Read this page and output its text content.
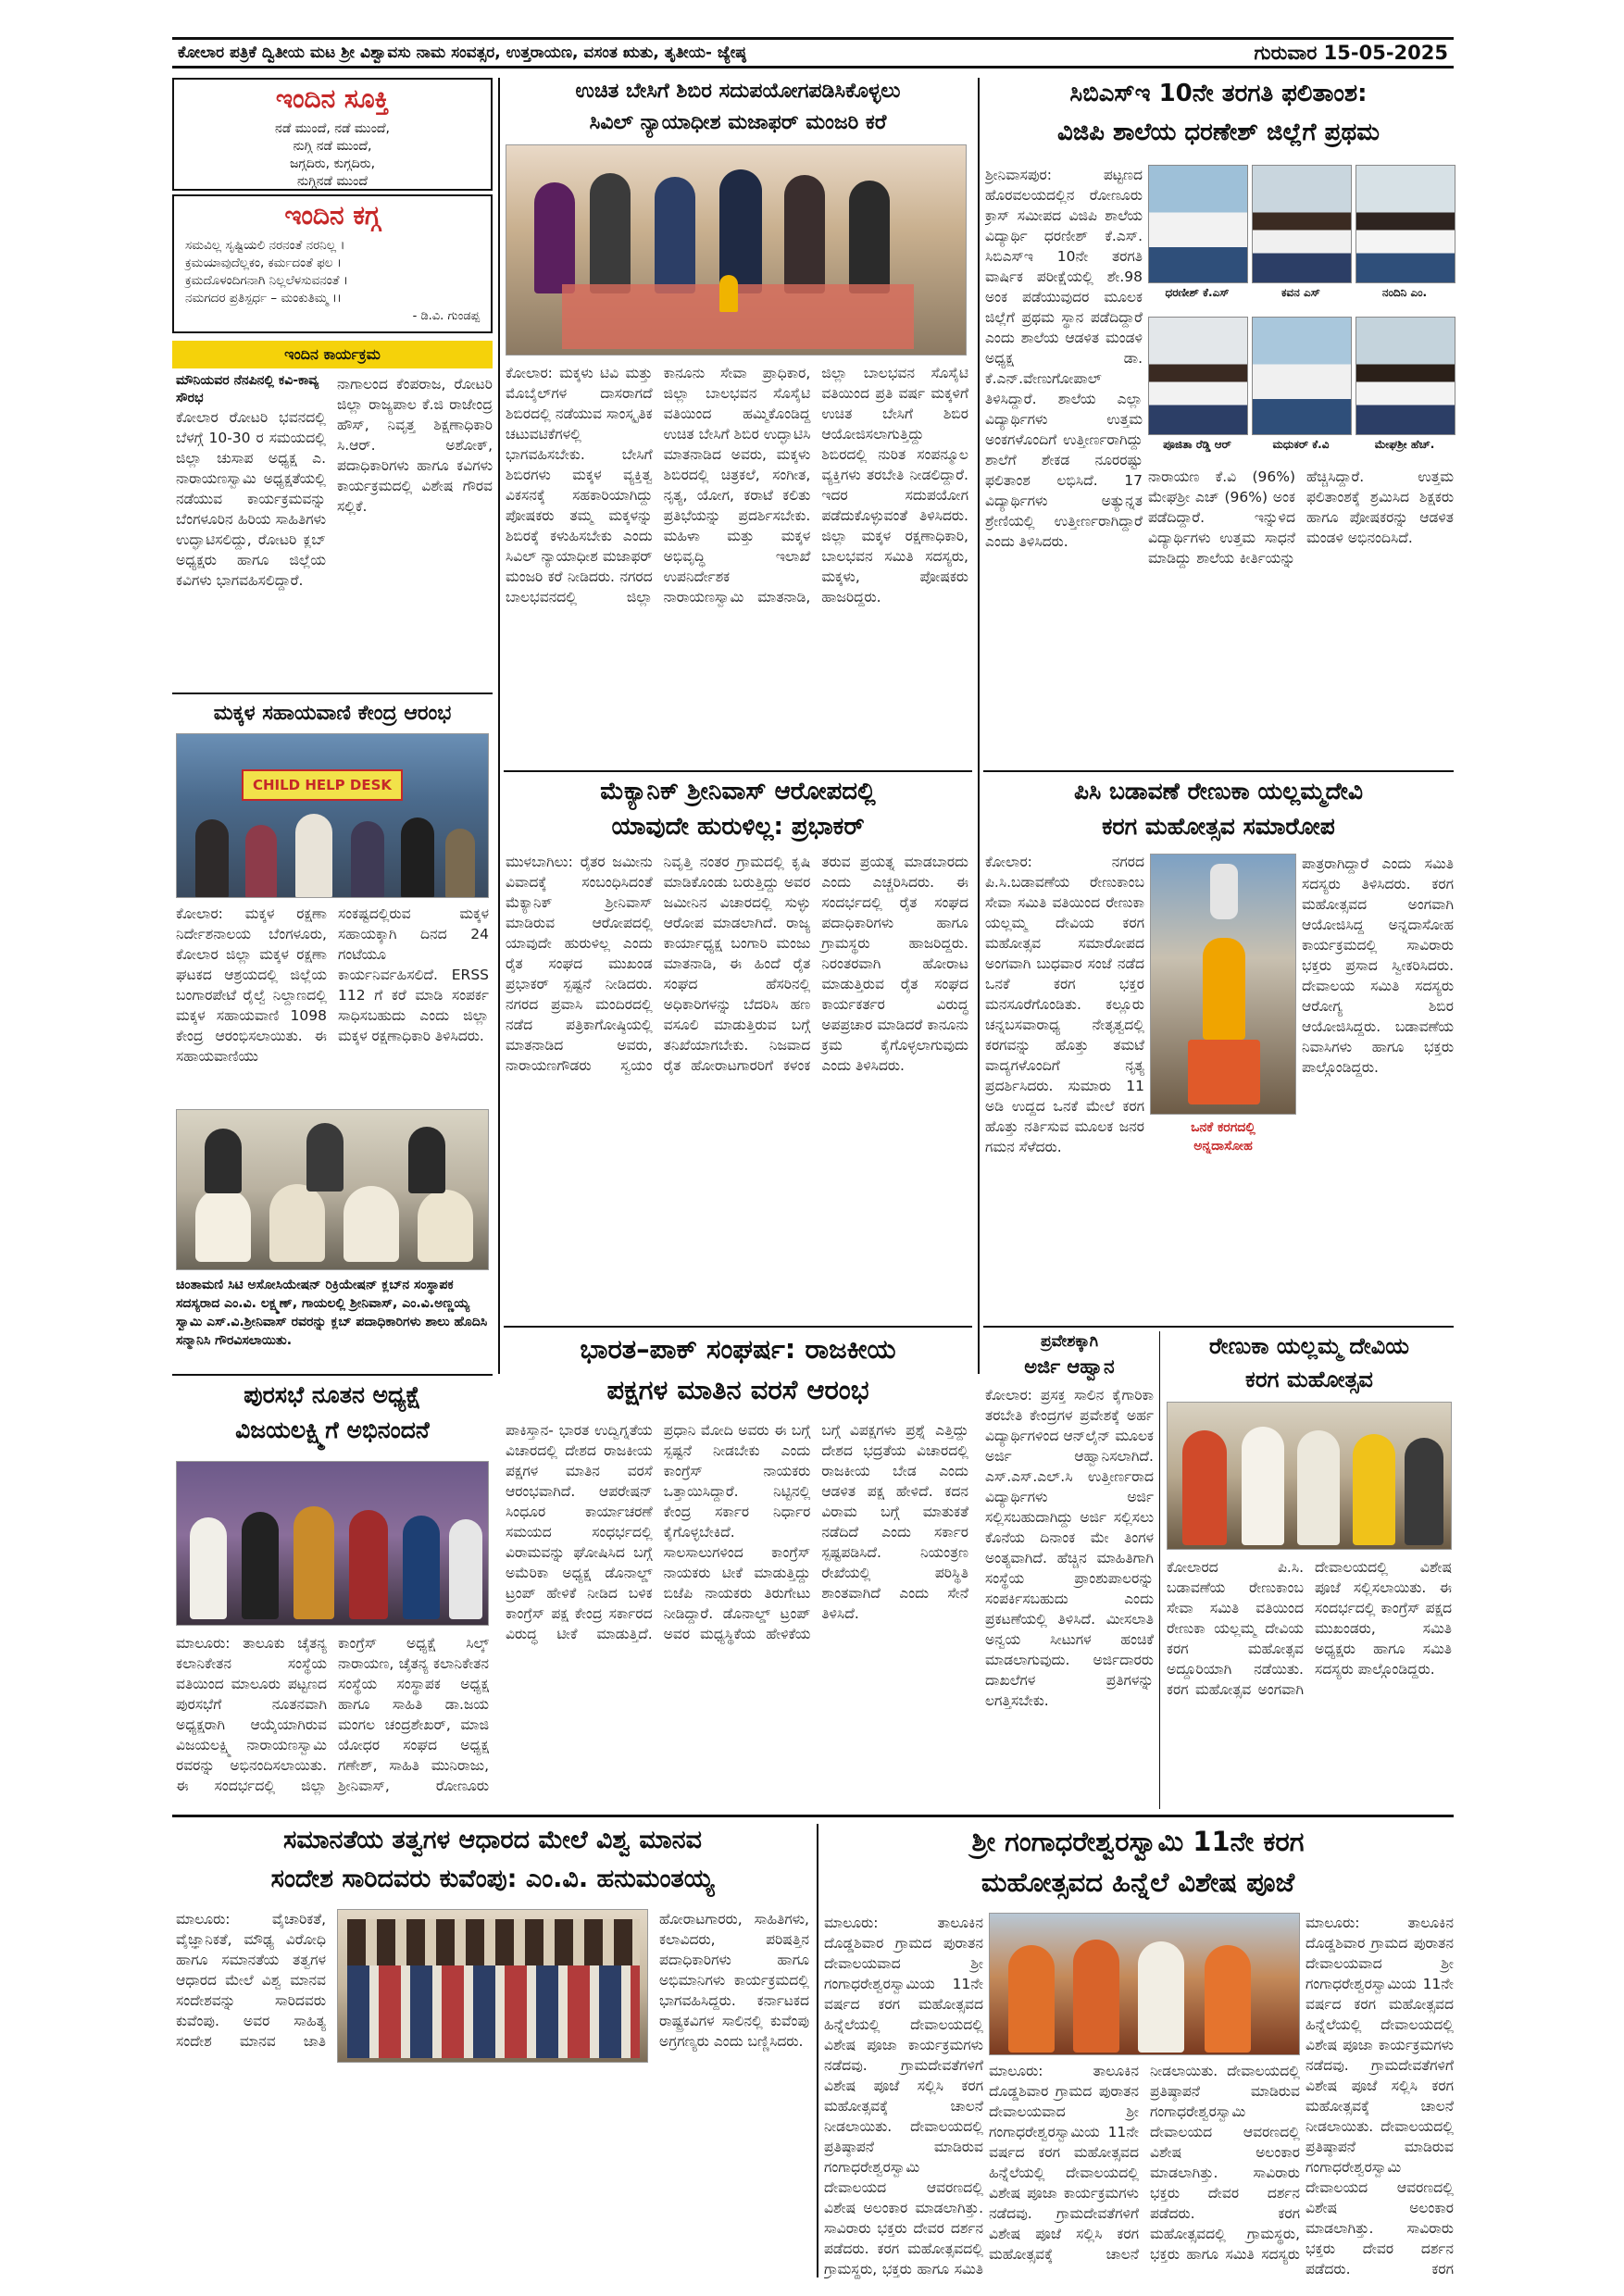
ಕೋಲಾರ ಪತ್ರಿಕೆ ದ್ವಿತೀಯ ಮಟ ಶ್ರೀ ವಿಶ್ವಾವಸು ನಾಮ ಸಂವತ್ಸರ, ಉತ್ತರಾಯಣ, ವಸಂತ ಋತು, ತೃತೀಯ- ಜ್ಯೇಷ್ಠ	ಗುರುವಾರ 15-05-2025
ಇಂದಿನ ಸೂಕ್ತಿ
ನಡೆ ಮುಂದೆ, ನಡೆ ಮುಂದೆ,
ನುಗ್ಗಿ ನಡೆ ಮುಂದೆ,
ಜಗ್ಗದಿರು, ಕುಗ್ಗದಿರು,
ನುಗ್ಗಿನಡೆ ಮುಂದೆ
ಇಂದಿನ ಕಗ್ಗ
ಸಮವಿಲ್ಲ ಸೃಷ್ಟಿಯಲಿ ನರನಂತೆ ನರನಿಲ್ಲ ।
ಕ್ರಮಯಾವುದೆಲ್ಲಕಂ, ಕರ್ಮದಂತೆ ಫಲ ।
ಕ್ರಮದೊಳಂದಿಗನಾಗಿ ನಿಲ್ಲಲೆಳಸುವನಂತೆ ।
ನಮಗದರ ಪ್ರತಿಸ್ಪರ್ಧ – ಮಂಕುತಿಮ್ಮ ।।
- ಡಿ.ವಿ. ಗುಂಡಪ್ಪ
ಇಂದಿನ ಕಾರ್ಯಕ್ರಮ
ಮೌನಿಯವರ ನೆನಪಿನಲ್ಲಿ ಕವಿ-ಕಾವ್ಯ ಸೌರಭ
ಕೋಲಾರ ರೋಟರಿ ಭವನದಲ್ಲಿ ಬೆಳಗ್ಗೆ 10-30 ರ ಸಮಯದಲ್ಲಿ ಜಿಲ್ಲಾ ಚುಸಾಪ ಅಧ್ಯಕ್ಷ ಎ. ನಾರಾಯಣಸ್ವಾಮಿ ಅಧ್ಯಕ್ಷತೆಯಲ್ಲಿ ನಡೆಯುವ ಕಾರ್ಯಕ್ರಮವನ್ನು ಬೆಂಗಳೂರಿನ ಹಿರಿಯ ಸಾಹಿತಿಗಳು ಉದ್ಘಾಟಿಸಲಿದ್ದು, ರೋಟರಿ ಕ್ಲಬ್ ಅಧ್ಯಕ್ಷರು ಹಾಗೂ ಜಿಲ್ಲೆಯ ಕವಿಗಳು ಭಾಗವಹಿಸಲಿದ್ದಾರೆ.
ನಾಗಾಲಂದ ಕೆಂಪರಾಜ, ರೋಟರಿ ಜಿಲ್ಲಾ ರಾಜ್ಯಪಾಲ ಕೆ.ಜಿ ರಾಜೇಂದ್ರ ಹೌಸ್, ನಿವೃತ್ತ ಶಿಕ್ಷಣಾಧಿಕಾರಿ ಸಿ.ಆರ್. ಅಶೋಕ್, ಪದಾಧಿಕಾರಿಗಳು ಹಾಗೂ ಕವಿಗಳು ಕಾರ್ಯಕ್ರಮದಲ್ಲಿ ವಿಶೇಷ ಗೌರವ ಸಲ್ಲಿಕೆ.
ಮಕ್ಕಳ ಸಹಾಯವಾಣಿ ಕೇಂದ್ರ ಆರಂಭ
CHILD HELP DESK
ಕೋಲಾರ: ಮಕ್ಕಳ ರಕ್ಷಣಾ ನಿರ್ದೇಶನಾಲಯ ಬೆಂಗಳೂರು, ಕೋಲಾರ ಜಿಲ್ಲಾ ಮಕ್ಕಳ ರಕ್ಷಣಾ ಘಟಕದ ಆಶ್ರಯದಲ್ಲಿ ಜಿಲ್ಲೆಯ ಬಂಗಾರಪೇಟೆ ರೈಲ್ವೆ ನಿಲ್ದಾಣದಲ್ಲಿ ಮಕ್ಕಳ ಸಹಾಯವಾಣಿ 1098 ಕೇಂದ್ರ ಆರಂಭಿಸಲಾಯಿತು. ಈ ಸಹಾಯವಾಣಿಯು ಸಂಕಷ್ಟದಲ್ಲಿರುವ ಮಕ್ಕಳ ಸಹಾಯಕ್ಕಾಗಿ ದಿನದ 24 ಗಂಟೆಯೂ ಕಾರ್ಯನಿರ್ವಹಿಸಲಿದೆ. ERSS 112 ಗೆ ಕರೆ ಮಾಡಿ ಸಂಪರ್ಕ ಸಾಧಿಸಬಹುದು ಎಂದು ಜಿಲ್ಲಾ ಮಕ್ಕಳ ರಕ್ಷಣಾಧಿಕಾರಿ ತಿಳಿಸಿದರು.
ಚಿಂತಾಮಣಿ ಸಿಟಿ ಅಸೋಸಿಯೇಷನ್ ರಿಕ್ರಿಯೇಷನ್ ಕ್ಲಬ್‌ನ ಸಂಸ್ಥಾಪಕ ಸದಸ್ಯರಾದ ಎಂ.ವಿ. ಲಕ್ಷ್ಮಣ್, ಗಾಯಲಲ್ಲಿ ಶ್ರೀನಿವಾಸ್, ಎಂ.ವಿ.ಅಣ್ಣಯ್ಯ ಸ್ವಾಮಿ ಎಸ್.ವಿ.ಶ್ರೀನಿವಾಸ್ ರವರನ್ನು ಕ್ಲಬ್ ಪದಾಧಿಕಾರಿಗಳು ಶಾಲು ಹೊದಿಸಿ ಸನ್ಮಾನಿಸಿ ಗೌರವಿಸಲಾಯಿತು.
ಉಚಿತ ಬೇಸಿಗೆ ಶಿಬಿರ ಸದುಪಯೋಗಪಡಿಸಿಕೊಳ್ಳಲು
ಸಿವಿಲ್ ನ್ಯಾಯಾಧೀಶ ಮಜಾಫರ್ ಮಂಜರಿ ಕರೆ
ಕೋಲಾರ: ಮಕ್ಕಳು ಟಿವಿ ಮತ್ತು ಮೊಬೈಲ್‌ಗಳ ದಾಸರಾಗದೆ ಶಿಬಿರದಲ್ಲಿ ನಡೆಯುವ ಸಾಂಸ್ಕೃತಿಕ ಚಟುವಟಿಕೆಗಳಲ್ಲಿ ಭಾಗವಹಿಸಬೇಕು. ಬೇಸಿಗೆ ಶಿಬಿರಗಳು ಮಕ್ಕಳ ವ್ಯಕ್ತಿತ್ವ ವಿಕಸನಕ್ಕೆ ಸಹಕಾರಿಯಾಗಿದ್ದು ಪೋಷಕರು ತಮ್ಮ ಮಕ್ಕಳನ್ನು ಶಿಬಿರಕ್ಕೆ ಕಳುಹಿಸಬೇಕು ಎಂದು ಸಿವಿಲ್ ನ್ಯಾಯಾಧೀಶ ಮಜಾಫರ್ ಮಂಜರಿ ಕರೆ ನೀಡಿದರು. ನಗರದ ಬಾಲಭವನದಲ್ಲಿ ಜಿಲ್ಲಾ ಕಾನೂನು ಸೇವಾ ಪ್ರಾಧಿಕಾರ, ಜಿಲ್ಲಾ ಬಾಲಭವನ ಸೊಸೈಟಿ ವತಿಯಿಂದ ಹಮ್ಮಿಕೊಂಡಿದ್ದ ಉಚಿತ ಬೇಸಿಗೆ ಶಿಬಿರ ಉದ್ಘಾಟಿಸಿ ಮಾತನಾಡಿದ ಅವರು, ಮಕ್ಕಳು ಶಿಬಿರದಲ್ಲಿ ಚಿತ್ರಕಲೆ, ಸಂಗೀತ, ನೃತ್ಯ, ಯೋಗ, ಕರಾಟೆ ಕಲಿತು ಪ್ರತಿಭೆಯನ್ನು ಪ್ರದರ್ಶಿಸಬೇಕು. ಮಹಿಳಾ ಮತ್ತು ಮಕ್ಕಳ ಅಭಿವೃದ್ಧಿ ಇಲಾಖೆ ಉಪನಿರ್ದೇಶಕ ನಾರಾಯಣಸ್ವಾಮಿ ಮಾತನಾಡಿ, ಜಿಲ್ಲಾ ಬಾಲಭವನ ಸೊಸೈಟಿ ವತಿಯಿಂದ ಪ್ರತಿ ವರ್ಷ ಮಕ್ಕಳಿಗೆ ಉಚಿತ ಬೇಸಿಗೆ ಶಿಬಿರ ಆಯೋಜಿಸಲಾಗುತ್ತಿದ್ದು ಶಿಬಿರದಲ್ಲಿ ನುರಿತ ಸಂಪನ್ಮೂಲ ವ್ಯಕ್ತಿಗಳು ತರಬೇತಿ ನೀಡಲಿದ್ದಾರೆ. ಇದರ ಸದುಪಯೋಗ ಪಡೆದುಕೊಳ್ಳುವಂತೆ ತಿಳಿಸಿದರು. ಜಿಲ್ಲಾ ಮಕ್ಕಳ ರಕ್ಷಣಾಧಿಕಾರಿ, ಬಾಲಭವನ ಸಮಿತಿ ಸದಸ್ಯರು, ಮಕ್ಕಳು, ಪೋಷಕರು ಹಾಜರಿದ್ದರು.
ಸಿಬಿಎಸ್‌ಇ 10ನೇ ತರಗತಿ ಫಲಿತಾಂಶ:
ವಿಜಿಪಿ ಶಾಲೆಯ ಧರಣೇಶ್ ಜಿಲ್ಲೆಗೆ ಪ್ರಥಮ
ಶ್ರೀನಿವಾಸಪುರ: ಪಟ್ಟಣದ ಹೊರವಲಯದಲ್ಲಿನ ರೋಣೂರು ಕ್ರಾಸ್ ಸಮೀಪದ ವಿಜಿಪಿ ಶಾಲೆಯ ವಿದ್ಯಾರ್ಥಿ ಧರಣೀಶ್ ಕೆ.ಎಸ್. ಸಿಬಿಎಸ್‌ಇ 10ನೇ ತರಗತಿ ವಾರ್ಷಿಕ ಪರೀಕ್ಷೆಯಲ್ಲಿ ಶೇ.98 ಅಂಕ ಪಡೆಯುವುದರ ಮೂಲಕ ಜಿಲ್ಲೆಗೆ ಪ್ರಥಮ ಸ್ಥಾನ ಪಡೆದಿದ್ದಾರೆ ಎಂದು ಶಾಲೆಯ ಆಡಳಿತ ಮಂಡಳಿ ಅಧ್ಯಕ್ಷ ಡಾ. ಕೆ.ಎನ್.ವೇಣುಗೋಪಾಲ್ ತಿಳಿಸಿದ್ದಾರೆ. ಶಾಲೆಯ ಎಲ್ಲಾ ವಿದ್ಯಾರ್ಥಿಗಳು ಉತ್ತಮ ಅಂಕಗಳೊಂದಿಗೆ ಉತ್ತೀರ್ಣರಾಗಿದ್ದು ಶಾಲೆಗೆ ಶೇಕಡ ನೂರರಷ್ಟು ಫಲಿತಾಂಶ ಲಭಿಸಿದೆ. 17 ವಿದ್ಯಾರ್ಥಿಗಳು ಅತ್ಯುನ್ನತ ಶ್ರೇಣಿಯಲ್ಲಿ ಉತ್ತೀರ್ಣರಾಗಿದ್ದಾರೆ ಎಂದು ತಿಳಿಸಿದರು.
ಧರಣೀಶ್ ಕೆ.ಎಸ್	ಕವನ ಎಸ್	ನಂದಿನಿ ಎಂ.
ಪೂಜಿತಾ ರೆಡ್ಡಿ ಆರ್	ಮಧುಕರ್ ಕೆ.ವಿ	ಮೇಘಶ್ರೀ ಹೆಚ್.
ನಾರಾಯಣ ಕೆ.ವಿ (96%) ಮೇಘಶ್ರೀ ಎಚ್ (96%) ಅಂಕ ಪಡೆದಿದ್ದಾರೆ. ಇನ್ನುಳಿದ ವಿದ್ಯಾರ್ಥಿಗಳು ಉತ್ತಮ ಸಾಧನೆ ಮಾಡಿದ್ದು ಶಾಲೆಯ ಕೀರ್ತಿಯನ್ನು ಹೆಚ್ಚಿಸಿದ್ದಾರೆ. ಉತ್ತಮ ಫಲಿತಾಂಶಕ್ಕೆ ಶ್ರಮಿಸಿದ ಶಿಕ್ಷಕರು ಹಾಗೂ ಪೋಷಕರನ್ನು ಆಡಳಿತ ಮಂಡಳಿ ಅಭಿನಂದಿಸಿದೆ.
ಮೆಕ್ಯಾನಿಕ್ ಶ್ರೀನಿವಾಸ್ ಆರೋಪದಲ್ಲಿ
ಯಾವುದೇ ಹುರುಳಿಲ್ಲ: ಪ್ರಭಾಕರ್
ಮುಳಬಾಗಿಲು: ರೈತರ ಜಮೀನು ವಿವಾದಕ್ಕೆ ಸಂಬಂಧಿಸಿದಂತೆ ಮೆಕ್ಯಾನಿಕ್ ಶ್ರೀನಿವಾಸ್ ಮಾಡಿರುವ ಆರೋಪದಲ್ಲಿ ಯಾವುದೇ ಹುರುಳಿಲ್ಲ ಎಂದು ರೈತ ಸಂಘದ ಮುಖಂಡ ಪ್ರಭಾಕರ್ ಸ್ಪಷ್ಟನೆ ನೀಡಿದರು. ನಗರದ ಪ್ರವಾಸಿ ಮಂದಿರದಲ್ಲಿ ನಡೆದ ಪತ್ರಿಕಾಗೋಷ್ಠಿಯಲ್ಲಿ ಮಾತನಾಡಿದ ಅವರು, ನಾರಾಯಣಗೌಡರು ಸ್ವಯಂ ನಿವೃತ್ತಿ ನಂತರ ಗ್ರಾಮದಲ್ಲಿ ಕೃಷಿ ಮಾಡಿಕೊಂಡು ಬರುತ್ತಿದ್ದು ಅವರ ಜಮೀನಿನ ವಿಚಾರದಲ್ಲಿ ಸುಳ್ಳು ಆರೋಪ ಮಾಡಲಾಗಿದೆ. ರಾಜ್ಯ ಕಾರ್ಯಾಧ್ಯಕ್ಷ ಬಂಗಾರಿ ಮಂಜು ಮಾತನಾಡಿ, ಈ ಹಿಂದೆ ರೈತ ಸಂಘದ ಹೆಸರಿನಲ್ಲಿ ಅಧಿಕಾರಿಗಳನ್ನು ಬೆದರಿಸಿ ಹಣ ವಸೂಲಿ ಮಾಡುತ್ತಿರುವ ಬಗ್ಗೆ ತನಿಖೆಯಾಗಬೇಕು. ನಿಜವಾದ ರೈತ ಹೋರಾಟಗಾರರಿಗೆ ಕಳಂಕ ತರುವ ಪ್ರಯತ್ನ ಮಾಡಬಾರದು ಎಂದು ಎಚ್ಚರಿಸಿದರು. ಈ ಸಂದರ್ಭದಲ್ಲಿ ರೈತ ಸಂಘದ ಪದಾಧಿಕಾರಿಗಳು ಹಾಗೂ ಗ್ರಾಮಸ್ಥರು ಹಾಜರಿದ್ದರು. ನಿರಂತರವಾಗಿ ಹೋರಾಟ ಮಾಡುತ್ತಿರುವ ರೈತ ಸಂಘದ ಕಾರ್ಯಕರ್ತರ ವಿರುದ್ಧ ಅಪಪ್ರಚಾರ ಮಾಡಿದರೆ ಕಾನೂನು ಕ್ರಮ ಕೈಗೊಳ್ಳಲಾಗುವುದು ಎಂದು ತಿಳಿಸಿದರು.
ಪಿಸಿ ಬಡಾವಣೆ ರೇಣುಕಾ ಯಲ್ಲಮ್ಮದೇವಿ
ಕರಗ ಮಹೋತ್ಸವ ಸಮಾರೋಪ
ಕೋಲಾರ: ನಗರದ ಪಿ.ಸಿ.ಬಡಾವಣೆಯ ರೇಣುಕಾಂಬ ಸೇವಾ ಸಮಿತಿ ವತಿಯಿಂದ ರೇಣುಕಾ ಯಲ್ಲಮ್ಮ ದೇವಿಯ ಕರಗ ಮಹೋತ್ಸವ ಸಮಾರೋಪದ ಅಂಗವಾಗಿ ಬುಧವಾರ ಸಂಜೆ ನಡೆದ ಒನಕೆ ಕರಗ ಭಕ್ತರ ಮನಸೂರೆಗೊಂಡಿತು. ಕಲ್ಲೂರು ಚನ್ನಬಸವಾರಾಧ್ಯ ನೇತೃತ್ವದಲ್ಲಿ ಕರಗವನ್ನು ಹೊತ್ತು ತಮಟೆ ವಾದ್ಯಗಳೊಂದಿಗೆ ನೃತ್ಯ ಪ್ರದರ್ಶಿಸಿದರು. ಸುಮಾರು 11 ಅಡಿ ಉದ್ದದ ಒನಕೆ ಮೇಲೆ ಕರಗ ಹೊತ್ತು ನರ್ತಿಸುವ ಮೂಲಕ ಜನರ ಗಮನ ಸೆಳೆದರು.
ಒನಕೆ ಕರಗದಲ್ಲಿ
ಅನ್ನದಾಸೋಹ
ಪಾತ್ರರಾಗಿದ್ದಾರೆ ಎಂದು ಸಮಿತಿ ಸದಸ್ಯರು ತಿಳಿಸಿದರು. ಕರಗ ಮಹೋತ್ಸವದ ಅಂಗವಾಗಿ ಆಯೋಜಿಸಿದ್ದ ಅನ್ನದಾಸೋಹ ಕಾರ್ಯಕ್ರಮದಲ್ಲಿ ಸಾವಿರಾರು ಭಕ್ತರು ಪ್ರಸಾದ ಸ್ವೀಕರಿಸಿದರು. ದೇವಾಲಯ ಸಮಿತಿ ಸದಸ್ಯರು ಆರೋಗ್ಯ ಶಿಬಿರ ಆಯೋಜಿಸಿದ್ದರು. ಬಡಾವಣೆಯ ನಿವಾಸಿಗಳು ಹಾಗೂ ಭಕ್ತರು ಪಾಲ್ಗೊಂಡಿದ್ದರು.
ಪುರಸಭೆ ನೂತನ ಅಧ್ಯಕ್ಷೆ
ವಿಜಯಲಕ್ಷ್ಮಿಗೆ ಅಭಿನಂದನೆ
ಮಾಲೂರು: ತಾಲೂಕು ಚೈತನ್ಯ ಕಲಾನಿಕೇತನ ಸಂಸ್ಥೆಯ ವತಿಯಿಂದ ಮಾಲೂರು ಪಟ್ಟಣದ ಪುರಸಭೆಗೆ ನೂತನವಾಗಿ ಅಧ್ಯಕ್ಷರಾಗಿ ಆಯ್ಕೆಯಾಗಿರುವ ವಿಜಯಲಕ್ಷ್ಮಿ ನಾರಾಯಣಸ್ವಾಮಿ ರವರನ್ನು ಅಭಿನಂದಿಸಲಾಯಿತು. ಈ ಸಂದರ್ಭದಲ್ಲಿ ಜಿಲ್ಲಾ ಕಾಂಗ್ರೆಸ್ ಅಧ್ಯಕ್ಷೆ ಸಿಲ್ಕ್ ನಾರಾಯಣ, ಚೈತನ್ಯ ಕಲಾನಿಕೇತನ ಸಂಸ್ಥೆಯ ಸಂಸ್ಥಾಪಕ ಅಧ್ಯಕ್ಷ ಹಾಗೂ ಸಾಹಿತಿ ಡಾ.ಜಯ ಮಂಗಲ ಚಂದ್ರಶೇಖರ್, ಮಾಜಿ ಯೋಧರ ಸಂಘದ ಅಧ್ಯಕ್ಷ ಗಣೇಶ್, ಸಾಹಿತಿ ಮುನಿರಾಜು, ಶ್ರೀನಿವಾಸ್, ರೋಣೂರು
ಭಾರತ–ಪಾಕ್ ಸಂಘರ್ಷ: ರಾಜಕೀಯ
ಪಕ್ಷಗಳ ಮಾತಿನ ವರಸೆ ಆರಂಭ
ಪಾಕಿಸ್ತಾನ- ಭಾರತ ಉದ್ವಿಗ್ನತೆಯ ವಿಚಾರದಲ್ಲಿ ದೇಶದ ರಾಜಕೀಯ ಪಕ್ಷಗಳ ಮಾತಿನ ವರಸೆ ಆರಂಭವಾಗಿದೆ. ಆಪರೇಷನ್ ಸಿಂಧೂರ ಕಾರ್ಯಾಚರಣೆ ಸಮಯದ ಸಂಧರ್ಭದಲ್ಲಿ ವಿರಾಮವನ್ನು ಘೋಷಿಸಿದ ಬಗ್ಗೆ ಅಮೆರಿಕಾ ಅಧ್ಯಕ್ಷ ಡೊನಾಲ್ಡ್ ಟ್ರಂಪ್ ಹೇಳಿಕೆ ನೀಡಿದ ಬಳಿಕ ಕಾಂಗ್ರೆಸ್ ಪಕ್ಷ ಕೇಂದ್ರ ಸರ್ಕಾರದ ವಿರುದ್ಧ ಟೀಕೆ ಮಾಡುತ್ತಿದೆ. ಪ್ರಧಾನಿ ಮೋದಿ ಅವರು ಈ ಬಗ್ಗೆ ಸ್ಪಷ್ಟನೆ ನೀಡಬೇಕು ಎಂದು ಕಾಂಗ್ರೆಸ್ ನಾಯಕರು ಒತ್ತಾಯಿಸಿದ್ದಾರೆ. ನಿಟ್ಟಿನಲ್ಲಿ ಕೇಂದ್ರ ಸರ್ಕಾರ ನಿರ್ಧಾರ ಕೈಗೊಳ್ಳಬೇಕಿದೆ. ಸಾಲಸಾಲುಗಳಿಂದ ಕಾಂಗ್ರೆಸ್ ನಾಯಕರು ಟೀಕೆ ಮಾಡುತ್ತಿದ್ದು ಬಿಜೆಪಿ ನಾಯಕರು ತಿರುಗೇಟು ನೀಡಿದ್ದಾರೆ. ಡೊನಾಲ್ಡ್ ಟ್ರಂಪ್ ಅವರ ಮಧ್ಯಸ್ಥಿಕೆಯ ಹೇಳಿಕೆಯ ಬಗ್ಗೆ ವಿಪಕ್ಷಗಳು ಪ್ರಶ್ನೆ ಎತ್ತಿದ್ದು ದೇಶದ ಭದ್ರತೆಯ ವಿಚಾರದಲ್ಲಿ ರಾಜಕೀಯ ಬೇಡ ಎಂದು ಆಡಳಿತ ಪಕ್ಷ ಹೇಳಿದೆ. ಕದನ ವಿರಾಮ ಬಗ್ಗೆ ಮಾತುಕತೆ ನಡೆದಿದೆ ಎಂದು ಸರ್ಕಾರ ಸ್ಪಷ್ಟಪಡಿಸಿದೆ. ನಿಯಂತ್ರಣ ರೇಖೆಯಲ್ಲಿ ಪರಿಸ್ಥಿತಿ ಶಾಂತವಾಗಿದೆ ಎಂದು ಸೇನೆ ತಿಳಿಸಿದೆ.
ಪ್ರವೇಶಕ್ಕಾಗಿ
ಅರ್ಜಿ ಆಹ್ವಾನ
ಕೋಲಾರ: ಪ್ರಸಕ್ತ ಸಾಲಿನ ಕೈಗಾರಿಕಾ ತರಬೇತಿ ಕೇಂದ್ರಗಳ ಪ್ರವೇಶಕ್ಕೆ ಅರ್ಹ ವಿದ್ಯಾರ್ಥಿಗಳಿಂದ ಆನ್‌ಲೈನ್ ಮೂಲಕ ಅರ್ಜಿ ಆಹ್ವಾನಿಸಲಾಗಿದೆ. ಎಸ್.ಎಸ್.ಎಲ್.ಸಿ ಉತ್ತೀರ್ಣರಾದ ವಿದ್ಯಾರ್ಥಿಗಳು ಅರ್ಜಿ ಸಲ್ಲಿಸಬಹುದಾಗಿದ್ದು ಅರ್ಜಿ ಸಲ್ಲಿಸಲು ಕೊನೆಯ ದಿನಾಂಕ ಮೇ ತಿಂಗಳ ಅಂತ್ಯವಾಗಿದೆ. ಹೆಚ್ಚಿನ ಮಾಹಿತಿಗಾಗಿ ಸಂಸ್ಥೆಯ ಪ್ರಾಂಶುಪಾಲರನ್ನು ಸಂಪರ್ಕಿಸಬಹುದು ಎಂದು ಪ್ರಕಟಣೆಯಲ್ಲಿ ತಿಳಿಸಿದೆ. ಮೀಸಲಾತಿ ಅನ್ವಯ ಸೀಟುಗಳ ಹಂಚಿಕೆ ಮಾಡಲಾಗುವುದು. ಅರ್ಜಿದಾರರು ದಾಖಲೆಗಳ ಪ್ರತಿಗಳನ್ನು ಲಗತ್ತಿಸಬೇಕು.
ರೇಣುಕಾ ಯಲ್ಲಮ್ಮ ದೇವಿಯ
ಕರಗ ಮಹೋತ್ಸವ
ಕೋಲಾರದ ಪಿ.ಸಿ. ಬಡಾವಣೆಯ ರೇಣುಕಾಂಬ ಸೇವಾ ಸಮಿತಿ ವತಿಯಿಂದ ರೇಣುಕಾ ಯಲ್ಲಮ್ಮ ದೇವಿಯ ಕರಗ ಮಹೋತ್ಸವ ಅದ್ದೂರಿಯಾಗಿ ನಡೆಯಿತು. ಕರಗ ಮಹೋತ್ಸವ ಅಂಗವಾಗಿ ದೇವಾಲಯದಲ್ಲಿ ವಿಶೇಷ ಪೂಜೆ ಸಲ್ಲಿಸಲಾಯಿತು. ಈ ಸಂದರ್ಭದಲ್ಲಿ ಕಾಂಗ್ರೆಸ್ ಪಕ್ಷದ ಮುಖಂಡರು, ಸಮಿತಿ ಅಧ್ಯಕ್ಷರು ಹಾಗೂ ಸಮಿತಿ ಸದಸ್ಯರು ಪಾಲ್ಗೊಂಡಿದ್ದರು.
ಸಮಾನತೆಯ ತತ್ವಗಳ ಆಧಾರದ ಮೇಲೆ ವಿಶ್ವ ಮಾನವ
ಸಂದೇಶ ಸಾರಿದವರು ಕುವೆಂಪು: ಎಂ.ವಿ. ಹನುಮಂತಯ್ಯ
ಮಾಲೂರು: ವೈಚಾರಿಕತೆ, ವೈಜ್ಞಾನಿಕತೆ, ಮೌಢ್ಯ ವಿರೋಧಿ ಹಾಗೂ ಸಮಾನತೆಯ ತತ್ವಗಳ ಆಧಾರದ ಮೇಲೆ ವಿಶ್ವ ಮಾನವ ಸಂದೇಶವನ್ನು ಸಾರಿದವರು ಕುವೆಂಪು. ಅವರ ಸಾಹಿತ್ಯ ಸಂದೇಶ ಮಾನವ ಜಾತಿ ಹೋರಾಟಗಾರರು, ಸಾಹಿತಿಗಳು, ಕಲಾವಿದರು, ಪರಿಷತ್ತಿನ ಪದಾಧಿಕಾರಿಗಳು ಹಾಗೂ ಅಭಿಮಾನಿಗಳು ಕಾರ್ಯಕ್ರಮದಲ್ಲಿ ಭಾಗವಹಿಸಿದ್ದರು. ಕರ್ನಾಟಕದ ರಾಷ್ಟ್ರಕವಿಗಳ ಸಾಲಿನಲ್ಲಿ ಕುವೆಂಪು ಅಗ್ರಗಣ್ಯರು ಎಂದು ಬಣ್ಣಿಸಿದರು.
ಶ್ರೀ ಗಂಗಾಧರೇಶ್ವರಸ್ವಾಮಿ 11ನೇ ಕರಗ
ಮಹೋತ್ಸವದ ಹಿನ್ನೆಲೆ ವಿಶೇಷ ಪೂಜೆ
ಮಾಲೂರು: ತಾಲೂಕಿನ ದೊಡ್ಡಶಿವಾರ ಗ್ರಾಮದ ಪುರಾತನ ದೇವಾಲಯವಾದ ಶ್ರೀ ಗಂಗಾಧರೇಶ್ವರಸ್ವಾಮಿಯ 11ನೇ ವರ್ಷದ ಕರಗ ಮಹೋತ್ಸವದ ಹಿನ್ನೆಲೆಯಲ್ಲಿ ದೇವಾಲಯದಲ್ಲಿ ವಿಶೇಷ ಪೂಜಾ ಕಾರ್ಯಕ್ರಮಗಳು ನಡೆದವು. ಗ್ರಾಮದೇವತೆಗಳಿಗೆ ವಿಶೇಷ ಪೂಜೆ ಸಲ್ಲಿಸಿ ಕರಗ ಮಹೋತ್ಸವಕ್ಕೆ ಚಾಲನೆ ನೀಡಲಾಯಿತು. ದೇವಾಲಯದಲ್ಲಿ ಪ್ರತಿಷ್ಠಾಪನೆ ಮಾಡಿರುವ ಗಂಗಾಧರೇಶ್ವರಸ್ವಾಮಿ ದೇವಾಲಯದ ಆವರಣದಲ್ಲಿ ವಿಶೇಷ ಅಲಂಕಾರ ಮಾಡಲಾಗಿತ್ತು. ಸಾವಿರಾರು ಭಕ್ತರು ದೇವರ ದರ್ಶನ ಪಡೆದರು. ಕರಗ ಮಹೋತ್ಸವದಲ್ಲಿ ಗ್ರಾಮಸ್ಥರು, ಭಕ್ತರು ಹಾಗೂ ಸಮಿತಿ
ಮಾಲೂರು: ತಾಲೂಕಿನ ದೊಡ್ಡಶಿವಾರ ಗ್ರಾಮದ ಪುರಾತನ ದೇವಾಲಯವಾದ ಶ್ರೀ ಗಂಗಾಧರೇಶ್ವರಸ್ವಾಮಿಯ 11ನೇ ವರ್ಷದ ಕರಗ ಮಹೋತ್ಸವದ ಹಿನ್ನೆಲೆಯಲ್ಲಿ ದೇವಾಲಯದಲ್ಲಿ ವಿಶೇಷ ಪೂಜಾ ಕಾರ್ಯಕ್ರಮಗಳು ನಡೆದವು. ಗ್ರಾಮದೇವತೆಗಳಿಗೆ ವಿಶೇಷ ಪೂಜೆ ಸಲ್ಲಿಸಿ ಕರಗ ಮಹೋತ್ಸವಕ್ಕೆ ಚಾಲನೆ ನೀಡಲಾಯಿತು. ದೇವಾಲಯದಲ್ಲಿ ಪ್ರತಿಷ್ಠಾಪನೆ ಮಾಡಿರುವ ಗಂಗಾಧರೇಶ್ವರಸ್ವಾಮಿ ದೇವಾಲಯದ ಆವರಣದಲ್ಲಿ ವಿಶೇಷ ಅಲಂಕಾರ ಮಾಡಲಾಗಿತ್ತು. ಸಾವಿರಾರು ಭಕ್ತರು ದೇವರ ದರ್ಶನ ಪಡೆದರು. ಕರಗ ಮಹೋತ್ಸವದಲ್ಲಿ ಗ್ರಾಮಸ್ಥರು, ಭಕ್ತರು ಹಾಗೂ ಸಮಿತಿ ಸದಸ್ಯರು
ಮಾಲೂರು: ತಾಲೂಕಿನ ದೊಡ್ಡಶಿವಾರ ಗ್ರಾಮದ ಪುರಾತನ ದೇವಾಲಯವಾದ ಶ್ರೀ ಗಂಗಾಧರೇಶ್ವರಸ್ವಾಮಿಯ 11ನೇ ವರ್ಷದ ಕರಗ ಮಹೋತ್ಸವದ ಹಿನ್ನೆಲೆಯಲ್ಲಿ ದೇವಾಲಯದಲ್ಲಿ ವಿಶೇಷ ಪೂಜಾ ಕಾರ್ಯಕ್ರಮಗಳು ನಡೆದವು. ಗ್ರಾಮದೇವತೆಗಳಿಗೆ ವಿಶೇಷ ಪೂಜೆ ಸಲ್ಲಿಸಿ ಕರಗ ಮಹೋತ್ಸವಕ್ಕೆ ಚಾಲನೆ ನೀಡಲಾಯಿತು. ದೇವಾಲಯದಲ್ಲಿ ಪ್ರತಿಷ್ಠಾಪನೆ ಮಾಡಿರುವ ಗಂಗಾಧರೇಶ್ವರಸ್ವಾಮಿ ದೇವಾಲಯದ ಆವರಣದಲ್ಲಿ ವಿಶೇಷ ಅಲಂಕಾರ ಮಾಡಲಾಗಿತ್ತು. ಸಾವಿರಾರು ಭಕ್ತರು ದೇವರ ದರ್ಶನ ಪಡೆದರು. ಕರಗ
